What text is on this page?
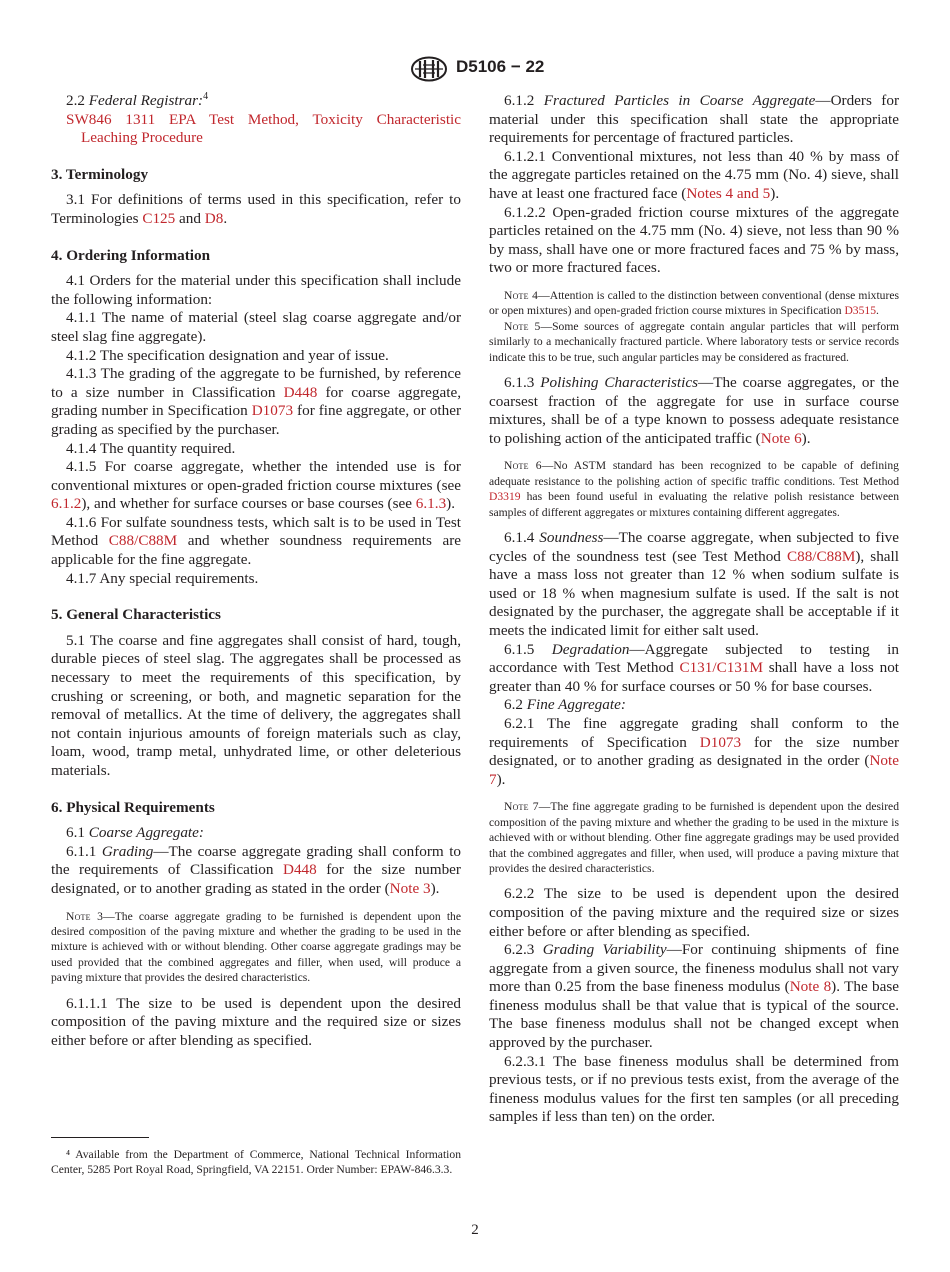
D5106 − 22

2.2 Federal Registrar:$^4$

SW846 1311 EPA Test Method, Toxicity Characteristic Leaching Procedure

3. Terminology

3.1 For definitions of terms used in this specification, refer to Terminologies C125 and D8.

4. Ordering Information

4.1 Orders for the material under this specification shall include the following information:

4.1.1 The name of material (steel slag coarse aggregate and/or steel slag fine aggregate).

4.1.2 The specification designation and year of issue.

4.1.3 The grading of the aggregate to be furnished, by reference to a size number in Classification D448 for coarse aggregate, grading number in Specification D1073 for fine aggregate, or other grading as specified by the purchaser.

4.1.4 The quantity required.

4.1.5 For coarse aggregate, whether the intended use is for conventional mixtures or open-graded friction course mixtures (see 6.1.2), and whether for surface courses or base courses (see 6.1.3).

4.1.6 For sulfate soundness tests, which salt is to be used in Test Method C88/C88M and whether soundness requirements are applicable for the fine aggregate.

4.1.7 Any special requirements.

5. General Characteristics

5.1 The coarse and fine aggregates shall consist of hard, tough, durable pieces of steel slag. The aggregates shall be processed as necessary to meet the requirements of this specification, by crushing or screening, or both, and magnetic separation for the removal of metallics. At the time of delivery, the aggregates shall not contain injurious amounts of foreign materials such as clay, loam, wood, tramp metal, unhydrated lime, or other deleterious materials.

6. Physical Requirements

6.1 Coarse Aggregate:

6.1.1 Grading—The coarse aggregate grading shall conform to the requirements of Classification D448 for the size number designated, or to another grading as stated in the order (Note 3).

Note 3—The coarse aggregate grading to be furnished is dependent upon the desired composition of the paving mixture and whether the grading to be used in the mixture is achieved with or without blending. Other coarse aggregate gradings may be used provided that the combined aggregates and filler, when used, will produce a paving mixture that provides the desired characteristics.

6.1.1.1 The size to be used is dependent upon the desired composition of the paving mixture and the required size or sizes either before or after blending as specified.

⁴ Available from the Department of Commerce, National Technical Information Center, 5285 Port Royal Road, Springfield, VA 22151. Order Number: EPAW-846.3.3.

6.1.2 Fractured Particles in Coarse Aggregate—Orders for material under this specification shall state the appropriate requirements for percentage of fractured particles.

6.1.2.1 Conventional mixtures, not less than 40 % by mass of the aggregate particles retained on the 4.75 mm (No. 4) sieve, shall have at least one fractured face (Notes 4 and 5).

6.1.2.2 Open-graded friction course mixtures of the aggregate particles retained on the 4.75 mm (No. 4) sieve, not less than 90 % by mass, shall have one or more fractured faces and 75 % by mass, two or more fractured faces.

Note 4—Attention is called to the distinction between conventional (dense mixtures or open mixtures) and open-graded friction course mixtures in Specification D3515.

Note 5—Some sources of aggregate contain angular particles that will perform similarly to a mechanically fractured particle. Where laboratory tests or service records indicate this to be true, such angular particles may be considered as fractured.

6.1.3 Polishing Characteristics—The coarse aggregates, or the coarsest fraction of the aggregate for use in surface course mixtures, shall be of a type known to possess adequate resistance to polishing action of the anticipated traffic (Note 6).

Note 6—No ASTM standard has been recognized to be capable of defining adequate resistance to the polishing action of specific traffic conditions. Test Method D3319 has been found useful in evaluating the relative polish resistance between samples of different aggregates or mixtures containing different aggregates.

6.1.4 Soundness—The coarse aggregate, when subjected to five cycles of the soundness test (see Test Method C88/C88M), shall have a mass loss not greater than 12 % when sodium sulfate is used or 18 % when magnesium sulfate is used. If the salt is not designated by the purchaser, the aggregate shall be acceptable if it meets the indicated limit for either salt used.

6.1.5 Degradation—Aggregate subjected to testing in accordance with Test Method C131/C131M shall have a loss not greater than 40 % for surface courses or 50 % for base courses.

6.2 Fine Aggregate:

6.2.1 The fine aggregate grading shall conform to the requirements of Specification D1073 for the size number designated, or to another grading as designated in the order (Note 7).

Note 7—The fine aggregate grading to be furnished is dependent upon the desired composition of the paving mixture and whether the grading to be used in the mixture is achieved with or without blending. Other fine aggregate gradings may be used provided that the combined aggregates and filler, when used, will produce a paving mixture that provides the desired characteristics.

6.2.2 The size to be used is dependent upon the desired composition of the paving mixture and the required size or sizes either before or after blending as specified.

6.2.3 Grading Variability—For continuing shipments of fine aggregate from a given source, the fineness modulus shall not vary more than 0.25 from the base fineness modulus (Note 8). The base fineness modulus shall be that value that is typical of the source. The base fineness modulus shall not be changed except when approved by the purchaser.

6.2.3.1 The base fineness modulus shall be determined from previous tests, or if no previous tests exist, from the average of the fineness modulus values for the first ten samples (or all preceding samples if less than ten) on the order.

2
